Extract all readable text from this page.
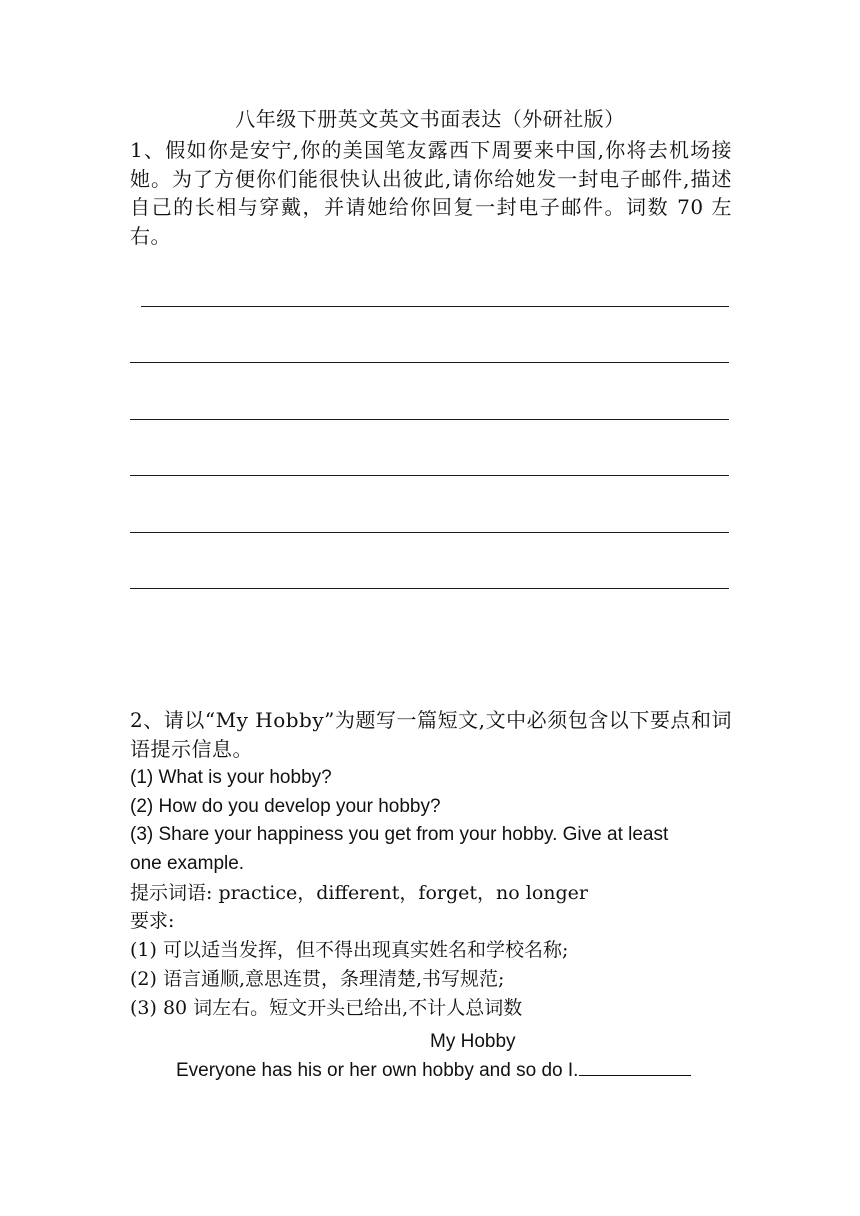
八年级下册英文英文书面表达（外研社版）
1、假如你是安宁,你的美国笔友露西下周要来中国,你将去机场接她。为了方便你们能很快认出彼此,请你给她发一封电子邮件,描述自己的长相与穿戴，并请她给你回复一封电子邮件。词数 70 左右。
2、请以“My Hobby”为题写一篇短文,文中必须包含以下要点和词语提示信息。
(1) What is your hobby?
(2) How do you develop your hobby?
(3) Share your happiness you get from your hobby. Give at least
one example.
提示词语: practice，different，forget，no longer
要求:
(1) 可以适当发挥，但不得出现真实姓名和学校名称;
(2) 语言通顺,意思连贯，条理清楚,书写规范;
(3) 80 词左右。短文开头已给出,不计人总词数
My Hobby
Everyone has his or her own hobby and so do I.
